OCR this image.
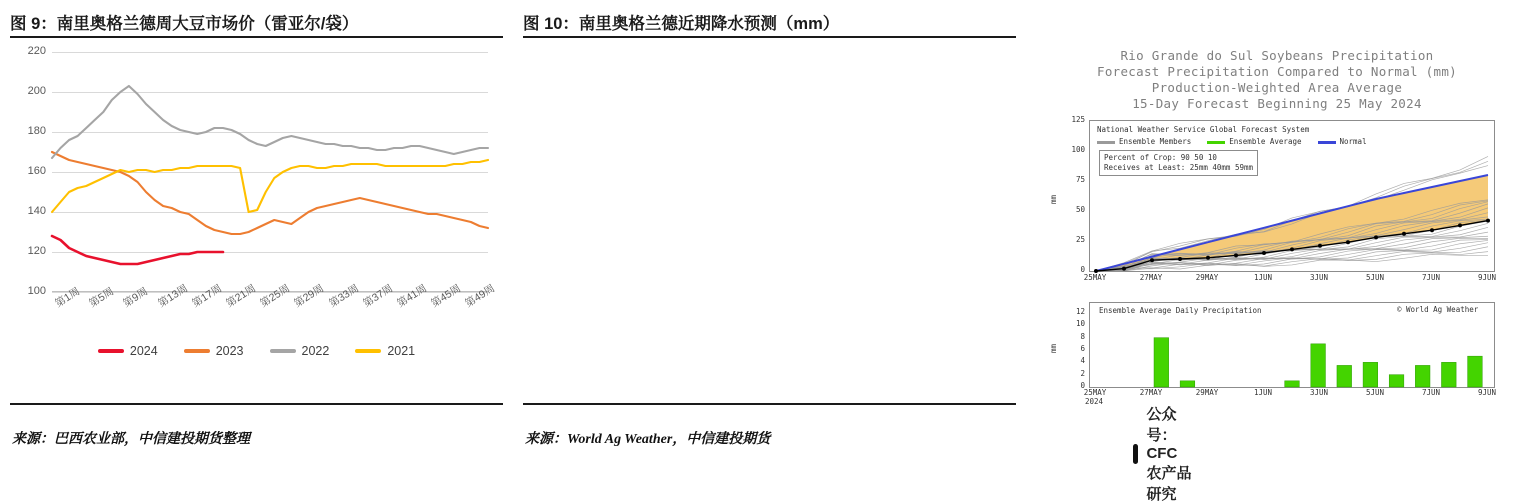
图 9：南里奥格兰德周大豆市场价（雷亚尔/袋）
100
120
140
160
180
200
220
第1周 第5周 第9周 第13周 第17周 第21周 第25周 第29周 第33周 第37周 第41周 第45周 第49周
2024	2023	2022	2021
来源：巴西农业部，中信建投期货整理
图 10：南里奥格兰德近期降水预测（mm）
Rio Grande do Sul Soybeans Precipitation
Forecast Precipitation Compared to Normal (mm)
Production-Weighted Area Average
15-Day Forecast Beginning 25 May 2024
0
25
50
75
100
125
mm
25MAY	27MAY	29MAY	1JUN	3JUN	5JUN	7JUN	9JUN
National Weather Service Global Forecast System
Ensemble Members	Ensemble Average	Normal
Percent of Crop: 90 50 10
Receives at Least: 25mm 40mm 59mm
Ensemble Average Daily Precipitation	© World Ag Weather
0
2
4
6
8
10
12
mm
25MAY	27MAY	29MAY	1JUN	3JUN	5JUN	7JUN	9JUN
2024
公众号：CFC农产品研究
来源：World Ag Weather，中信建投期货
